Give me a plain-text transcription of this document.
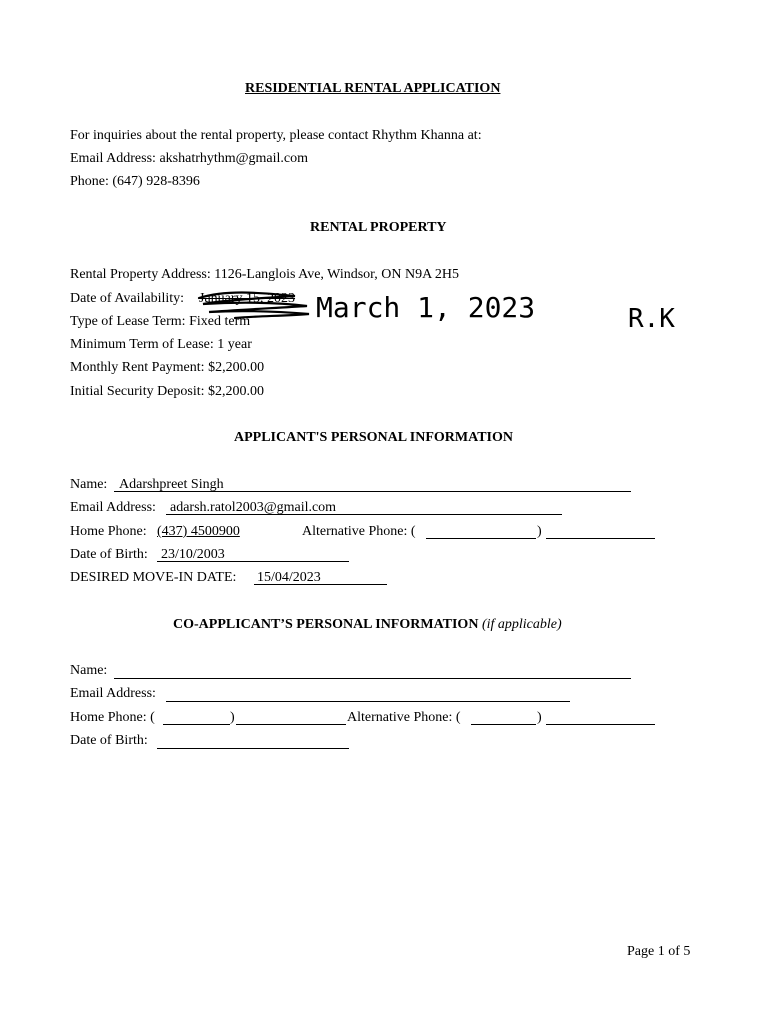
RESIDENTIAL RENTAL APPLICATION
For inquiries about the rental property, please contact Rhythm Khanna at:
Email Address: akshatrhythm@gmail.com
Phone: (647) 928-8396
RENTAL PROPERTY
Rental Property Address: 1126-Langlois Ave, Windsor, ON N9A 2H5
Date of Availability: January 15, 2023 March 1, 2023	R.K
Type of Lease Term: Fixed term
Minimum Term of Lease: 1 year
Monthly Rent Payment: $2,200.00
Initial Security Deposit: $2,200.00
APPLICANT'S PERSONAL INFORMATION
Name: Adarshpreet Singh
Email Address: adarsh.ratol2003@gmail.com
Home Phone: (437) 4500900	Alternative Phone: (	)
Date of Birth: 23/10/2003
DESIRED MOVE-IN DATE: 15/04/2023
CO-APPLICANT’S PERSONAL INFORMATION (if applicable)
Name:
Email Address:
Home Phone: (	)	Alternative Phone: (	)
Date of Birth:
Page 1 of 5
